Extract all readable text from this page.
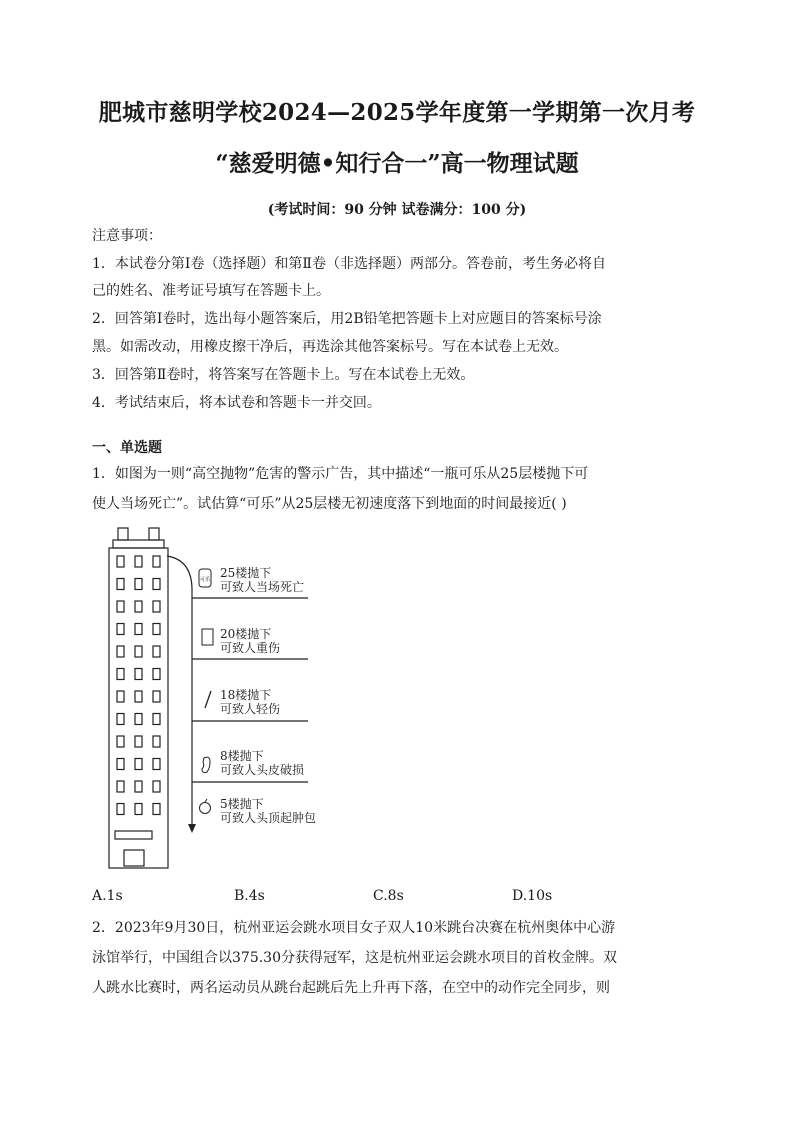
肥城市慈明学校2024—2025学年度第一学期第一次月考
“慈爱明德•知行合一”高一物理试题
(考试时间：90 分钟 试卷满分：100 分)
注意事项：
1．本试卷分第Ⅰ卷（选择题）和第Ⅱ卷（非选择题）两部分。答卷前，考生务必将自
己的姓名、准考证号填写在答题卡上。
2．回答第Ⅰ卷时，选出每小题答案后，用2B铅笔把答题卡上对应题目的答案标号涂
黑。如需改动，用橡皮擦干净后，再选涂其他答案标号。写在本试卷上无效。
3．回答第Ⅱ卷时，将答案写在答题卡上。写在本试卷上无效。
4．考试结束后，将本试卷和答题卡一并交回。
一、单选题
1．如图为一则“高空抛物”危害的警示广告，其中描述“一瓶可乐从25层楼抛下可
使人当场死亡”。试估算“可乐”从25层楼无初速度落下到地面的时间最接近( )
可乐 25楼抛下
可致人当场死亡
20楼抛下
可致人重伤
18楼抛下
可致人轻伤
8楼抛下
可致人头皮破损
5楼抛下
可致人头顶起肿包
A.1s	B.4s	C.8s	D.10s
2．2023年9月30日，杭州亚运会跳水项目女子双人10米跳台决赛在杭州奥体中心游
泳馆举行，中国组合以375.30分获得冠军，这是杭州亚运会跳水项目的首枚金牌。双
人跳水比赛时，两名运动员从跳台起跳后先上升再下落，在空中的动作完全同步，则
